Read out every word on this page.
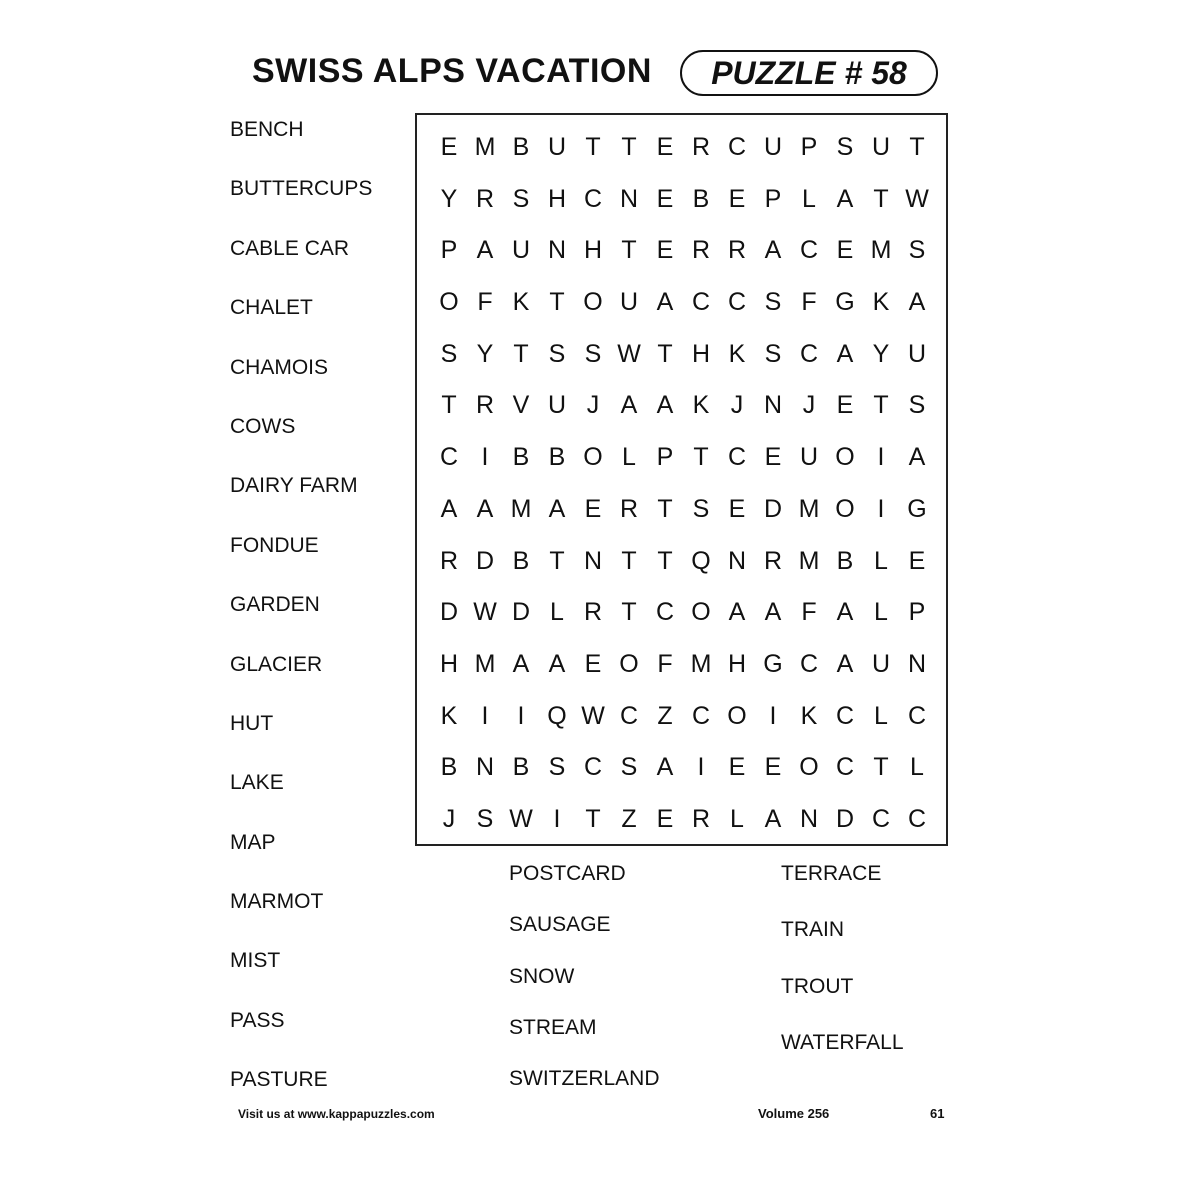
SWISS ALPS VACATION	PUZZLE # 58
BENCH
BUTTERCUPS
CABLE CAR
CHALET
CHAMOIS
COWS
DAIRY FARM
FONDUE
GARDEN
GLACIER
HUT
LAKE
MAP
MARMOT
MIST
PASS
PASTURE
E M B U T T E R C U P S U T
Y R S H C N E B E P L A T W
P A U N H T E R R A C E M S
O F K T O U A C C S F G K A
S Y T S S W T H K S C A Y U
T R V U J A A K J N J E T S
C I B B O L P T C E U O I A
A A M A E R T S E D M O I G
R D B T N T T Q N R M B L E
D W D L R T C O A A F A L P
H M A A E O F M H G C A U N
K I	I Q W C Z C O I K C L C
B N B S C S A I E E O C T L
J S W I T Z E R L A N D C C
POSTCARD
SAUSAGE
SNOW
STREAM
SWITZERLAND
TERRACE
TRAIN
TROUT
WATERFALL
Visit us at www.kappapuzzles.com	Volume 256	61
